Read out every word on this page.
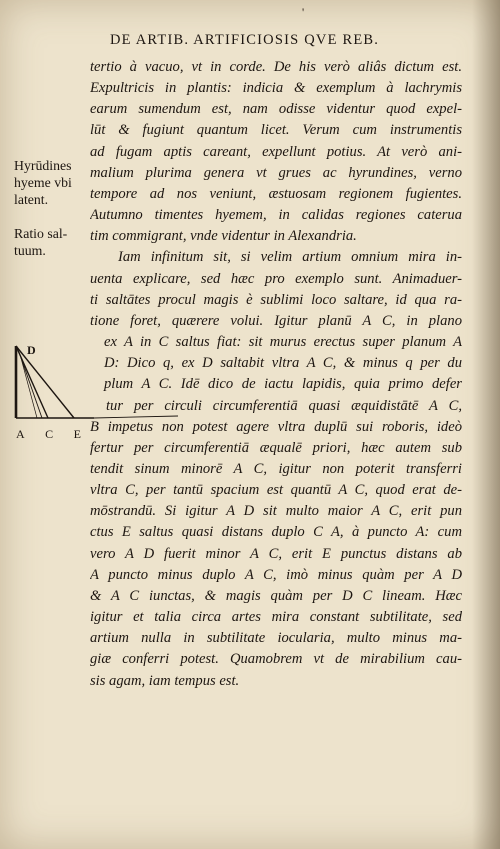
'
DE ARTIB. ARTIFICIOSIS QVE REB.
Hyrūdines
hyeme vbi
latent.
Ratio sal-
tuum.
D
A C E
tertio à vacuo, vt in corde. De his verò aliâs dictum est.
Expultricis in plantis: indicia & exemplum à lachrymis
earum sumendum est, nam odisse videntur quod expel-
lūt & fugiunt quantum licet. Verum cum instrumentis
ad fugam aptis careant, expellunt potius. At verò ani-
malium plurima genera vt grues ac hyrundines, verno
tempore ad nos veniunt, æstuosam regionem fugientes.
Autumno timentes hyemem, in calidas regiones caterua
tim commigrant, vnde videntur in Alexandria.
Iam infinitum sit, si velim artium omnium mira in-
uenta explicare, sed hæc pro exemplo sunt. Animaduer-
ti saltātes procul magis è sublimi loco saltare, id qua ra-
tione foret, quærere volui. Igitur planū A C, in plano
ex A in C saltus fiat: sit murus erectus super planum A
D: Dico q, ex D saltabit vltra A C, & minus q per du
plum A C. Idē dico de iactu lapidis, quia primo defer
tur per circuli circumferentiā quasi æquidistātē A C,
B impetus non potest agere vltra duplū sui roboris, ideò
fertur per circumferentiā æqualē priori, hæc autem sub
tendit sinum minorē A C, igitur non poterit transferri
vltra C, per tantū spacium est quantū A C, quod erat de-
mōstrandū. Si igitur A D sit multo maior A C, erit pun
ctus E saltus quasi distans duplo C A, à puncto A: cum
vero A D fuerit minor A C, erit E punctus distans ab
A puncto minus duplo A C, imò minus quàm per A D
& A C iunctas, & magis quàm per D C lineam. Hæc
igitur et talia circa artes mira constant subtilitate, sed
artium nulla in subtilitate iocularia, multo minus ma-
giæ conferri potest. Quamobrem vt de mirabilium cau-
sis agam, iam tempus est.
